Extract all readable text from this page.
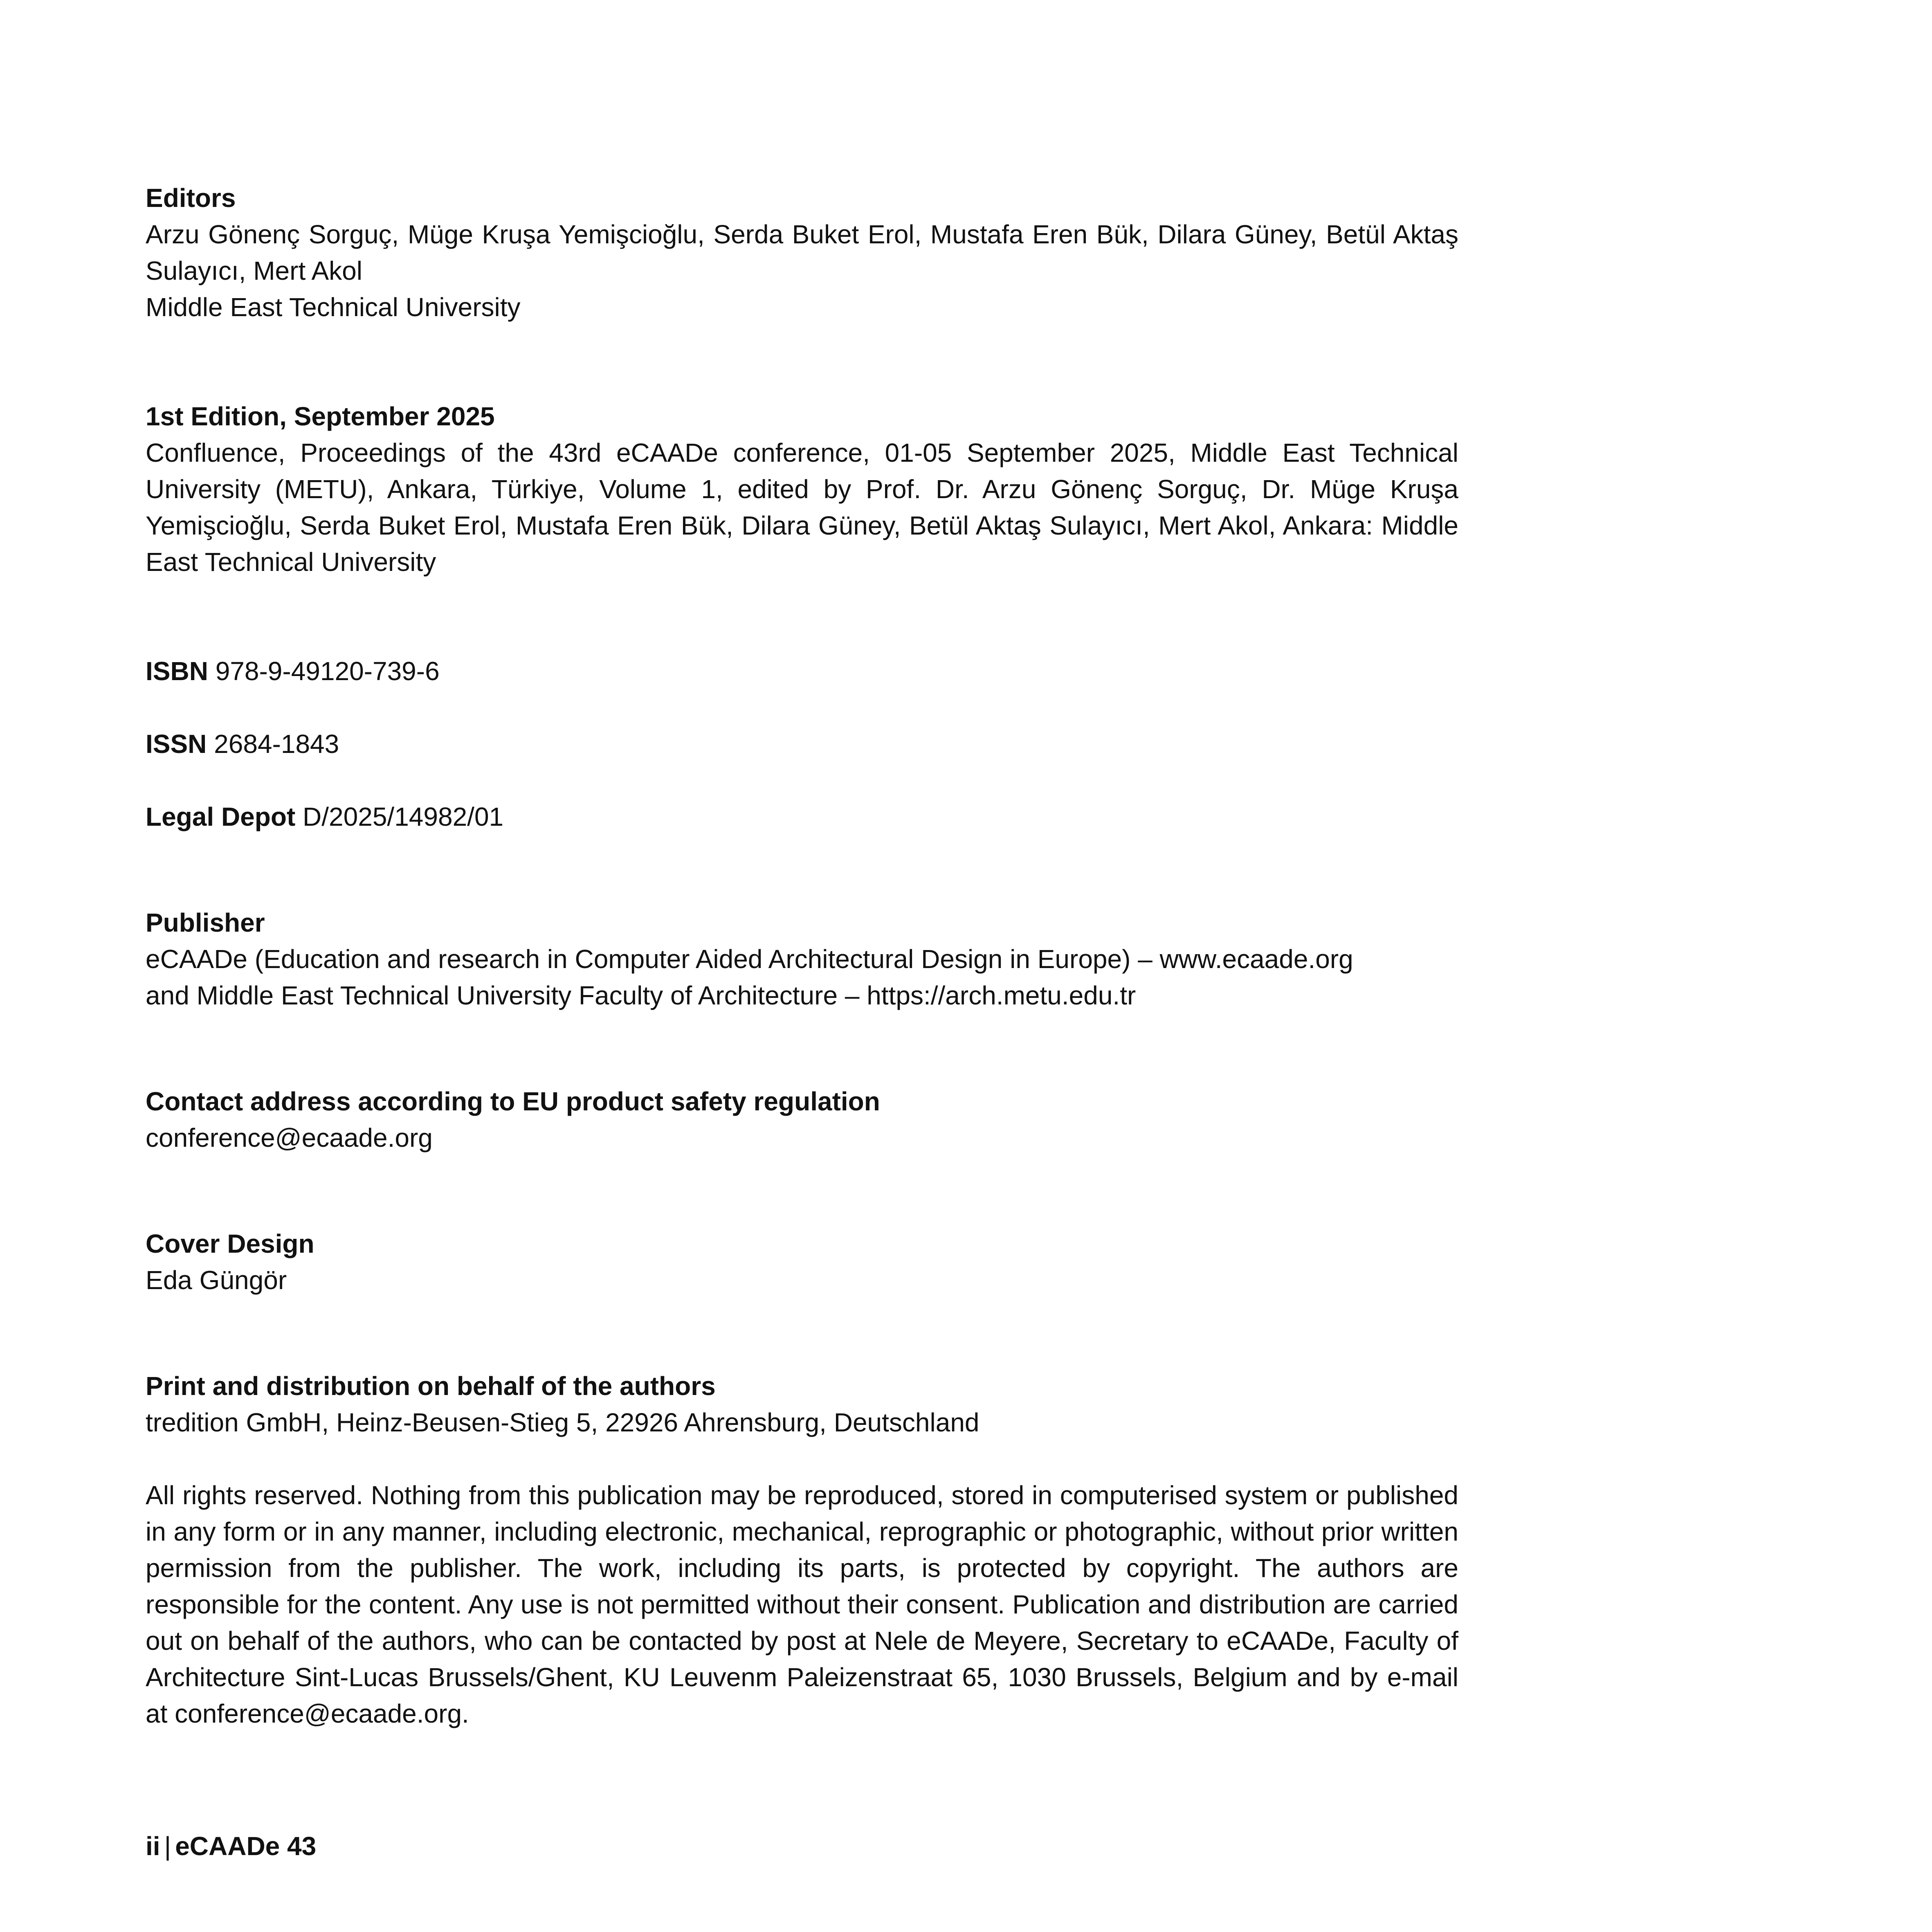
Editors
Arzu Gönenç Sorguç, Müge Kruşa Yemişcioğlu, Serda Buket Erol, Mustafa Eren Bük, Dilara Güney, Betül Aktaş Sulayıcı, Mert Akol
Middle East Technical University
1st Edition, September 2025
Confluence, Proceedings of the 43rd eCAADe conference, 01-05 September 2025, Middle East Technical University (METU), Ankara, Türkiye, Volume 1, edited by Prof. Dr. Arzu Gönenç Sorguç, Dr. Müge Kruşa Yemişcioğlu, Serda Buket Erol, Mustafa Eren Bük, Dilara Güney, Betül Aktaş Sulayıcı, Mert Akol, Ankara: Middle East Technical University
ISBN 978-9-49120-739-6
ISSN 2684-1843
Legal Depot D/2025/14982/01
Publisher
eCAADe (Education and research in Computer Aided Architectural Design in Europe) – www.ecaade.org
and Middle East Technical University Faculty of Architecture – https://arch.metu.edu.tr
Contact address according to EU product safety regulation
conference@ecaade.org
Cover Design
Eda Güngör
Print and distribution on behalf of the authors
tredition GmbH, Heinz-Beusen-Stieg 5, 22926 Ahrensburg, Deutschland
All rights reserved. Nothing from this publication may be reproduced, stored in computerised system or published in any form or in any manner, including electronic, mechanical, reprographic or photographic, without prior written permission from the publisher. The work, including its parts, is protected by copyright. The authors are responsible for the content. Any use is not permitted without their consent. Publication and distribution are carried out on behalf of the authors, who can be contacted by post at Nele de Meyere, Secretary to eCAADe, Faculty of Architecture Sint-Lucas Brussels/Ghent, KU Leuvenm Paleizenstraat 65, 1030 Brussels, Belgium and by e-mail at conference@ecaade.org.
ii | eCAADe 43
